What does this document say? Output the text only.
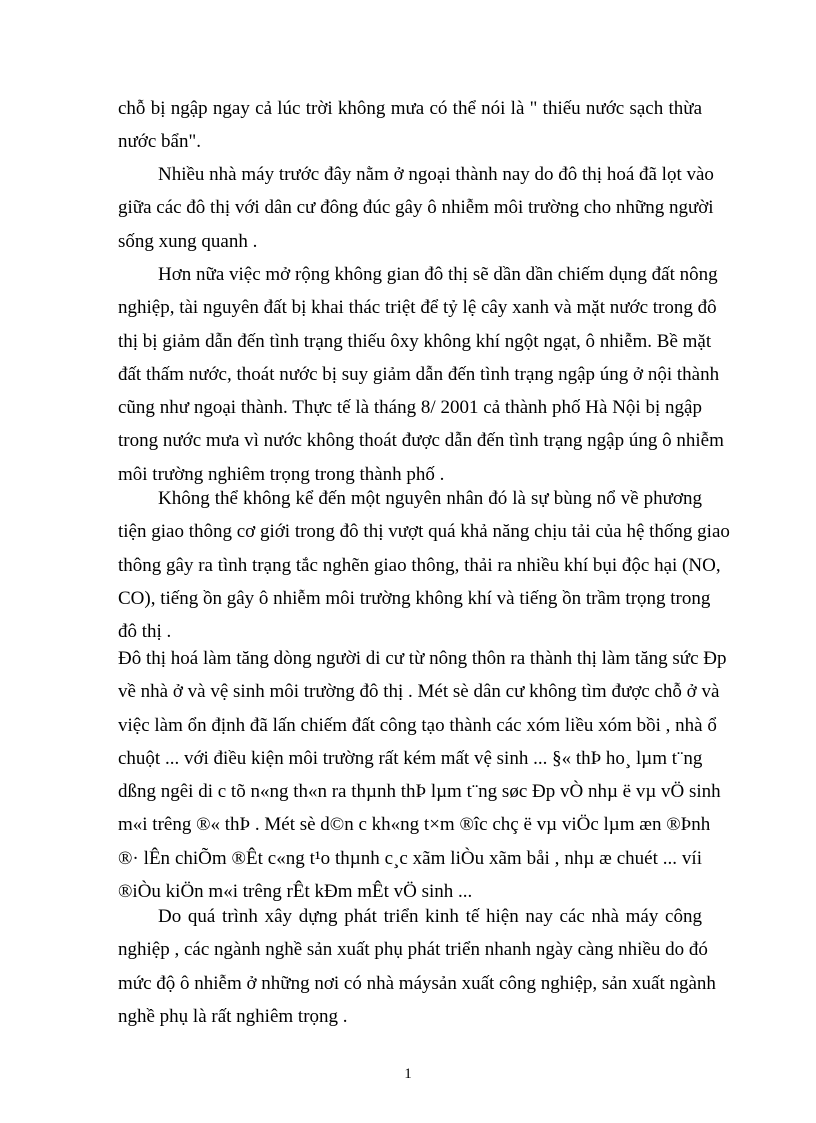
chỗ bị ngập ngay cả lúc trời không mưa có thể nói là " thiếu nước sạch thừa
nước bẩn".

Nhiều nhà máy trước đây nằm ở ngoại thành nay do đô thị hoá đã lọt vào
giữa các đô thị với dân cư đông đúc gây ô nhiễm môi trường cho những người
sống xung quanh .

Hơn nữa việc mở rộng không gian đô thị sẽ dần dần chiếm dụng đất nông
nghiệp, tài nguyên đất bị khai thác triệt để tỷ lệ cây xanh và mặt nước trong đô
thị bị giảm dẫn đến tình trạng thiếu ôxy không khí ngột ngạt, ô nhiễm. Bề mặt
đất thấm nước, thoát nước bị suy giảm dẫn đến tình trạng ngập úng ở nội thành
cũng như ngoại thành. Thực tế là tháng 8/ 2001 cả thành phố Hà Nội bị ngập
trong nước mưa vì nước không thoát được dẫn đến tình trạng ngập úng ô nhiễm
môi trường nghiêm trọng trong thành phố .

Không thể không kể đến một nguyên nhân đó là sự bùng nổ về phương
tiện giao thông cơ giới trong đô thị vượt quá khả năng chịu tải của hệ thống giao
thông gây ra tình trạng tắc nghẽn giao thông, thải ra nhiều khí bụi độc hại (NO,
CO), tiếng ồn gây ô nhiễm môi trường không khí và tiếng ồn trầm trọng trong
đô thị .

Đô thị hoá làm tăng dòng người di cư từ nông thôn ra thành thị làm tăng sức Ðp
về nhà ở và vệ sinh môi trường đô thị . Mét sè dân cư không tìm được chỗ ở và
việc làm ổn định đã lấn chiếm đất công tạo thành các xóm liều xóm bồi , nhà ổ
chuột ... với điều kiện môi trường rất kém mất vệ sinh ... §« thÞ ho¸ lµm t¨ng
dßng ngêi di c tõ n«ng th«n ra thµnh thÞ lµm t¨ng søc Ðp vÒ nhµ ë vµ vÖ sinh
m«i trêng ®« thÞ . Mét sè d©n c kh«ng t×m ®îc chç ë vµ viÖc lµm æn ®Þnh
®· lÊn chiÕm ®Êt c«ng t¹o thµnh c¸c xãm liÒu xãm båi , nhµ æ chuét ... víi
®iÒu kiÖn m«i trêng rÊt kÐm mÊt vÖ sinh ...

Do quá trình xây dựng phát triển kinh tế hiện nay các nhà máy công
nghiệp , các ngành nghề sản xuất phụ phát triển nhanh ngày càng nhiều do đó
mức độ ô nhiễm ở những nơi có nhà máysản xuất công nghiệp, sản xuất ngành
nghề phụ là rất nghiêm trọng .

1
